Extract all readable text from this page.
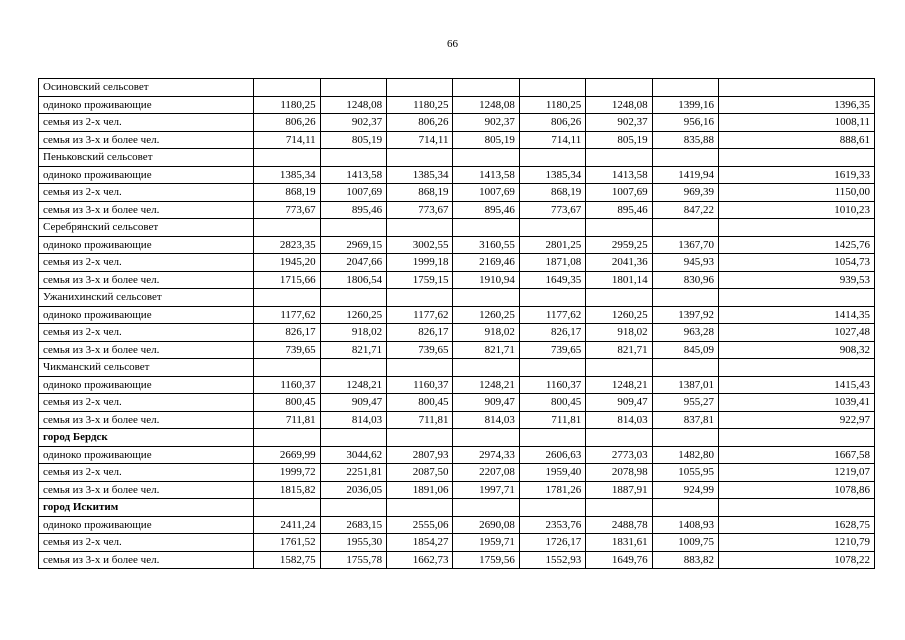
66
Осиновский сельсовет								
одиноко проживающие	1180,25	1248,08	1180,25	1248,08	1180,25	1248,08	1399,16	1396,35
семья из 2-х чел.	806,26	902,37	806,26	902,37	806,26	902,37	956,16	1008,11
семья из 3-х и более чел.	714,11	805,19	714,11	805,19	714,11	805,19	835,88	888,61
Пеньковский сельсовет								
одиноко проживающие	1385,34	1413,58	1385,34	1413,58	1385,34	1413,58	1419,94	1619,33
семья из 2-х чел.	868,19	1007,69	868,19	1007,69	868,19	1007,69	969,39	1150,00
семья из 3-х и более чел.	773,67	895,46	773,67	895,46	773,67	895,46	847,22	1010,23
Серебрянский сельсовет								
одиноко проживающие	2823,35	2969,15	3002,55	3160,55	2801,25	2959,25	1367,70	1425,76
семья из 2-х чел.	1945,20	2047,66	1999,18	2169,46	1871,08	2041,36	945,93	1054,73
семья из 3-х и более чел.	1715,66	1806,54	1759,15	1910,94	1649,35	1801,14	830,96	939,53
Ужанихинский сельсовет								
одиноко проживающие	1177,62	1260,25	1177,62	1260,25	1177,62	1260,25	1397,92	1414,35
семья из 2-х чел.	826,17	918,02	826,17	918,02	826,17	918,02	963,28	1027,48
семья из 3-х и более чел.	739,65	821,71	739,65	821,71	739,65	821,71	845,09	908,32
Чикманский сельсовет								
одиноко проживающие	1160,37	1248,21	1160,37	1248,21	1160,37	1248,21	1387,01	1415,43
семья из 2-х чел.	800,45	909,47	800,45	909,47	800,45	909,47	955,27	1039,41
семья из 3-х и более чел.	711,81	814,03	711,81	814,03	711,81	814,03	837,81	922,97
город Бердск								
одиноко проживающие	2669,99	3044,62	2807,93	2974,33	2606,63	2773,03	1482,80	1667,58
семья из 2-х чел.	1999,72	2251,81	2087,50	2207,08	1959,40	2078,98	1055,95	1219,07
семья из 3-х и более чел.	1815,82	2036,05	1891,06	1997,71	1781,26	1887,91	924,99	1078,86
город Искитим								
одиноко проживающие	2411,24	2683,15	2555,06	2690,08	2353,76	2488,78	1408,93	1628,75
семья из 2-х чел.	1761,52	1955,30	1854,27	1959,71	1726,17	1831,61	1009,75	1210,79
семья из 3-х и более чел.	1582,75	1755,78	1662,73	1759,56	1552,93	1649,76	883,82	1078,22
